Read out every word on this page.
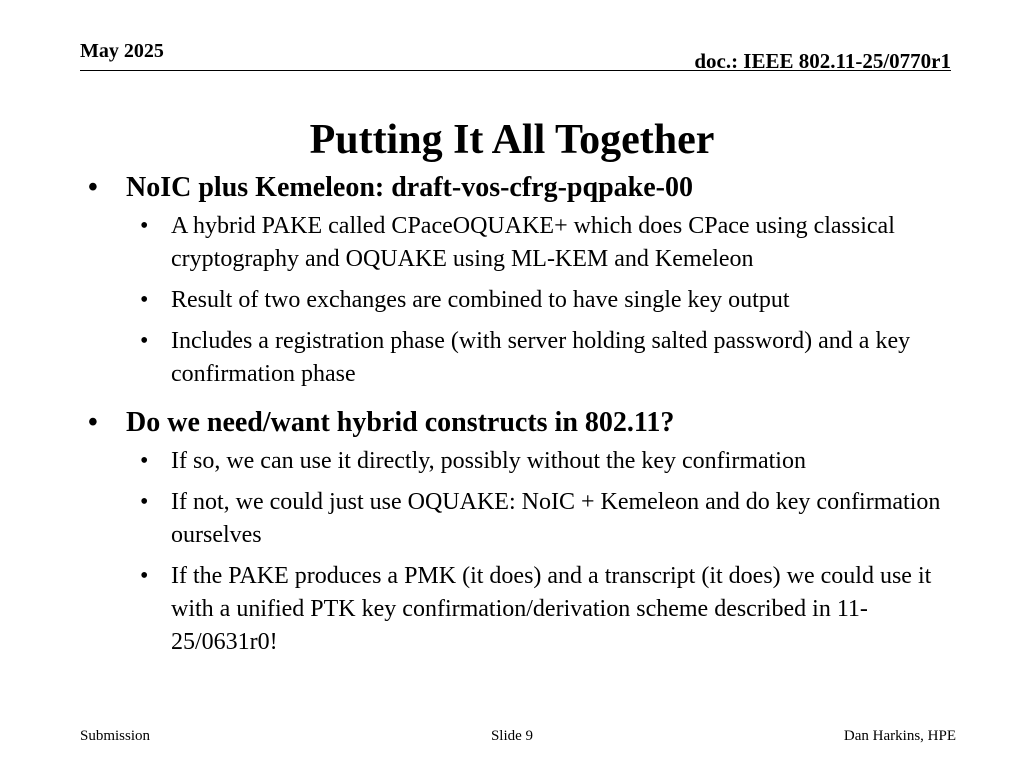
May 2025	doc.: IEEE 802.11-25/0770r1
Putting It All Together
• NoIC plus Kemeleon: draft-vos-cfrg-pqpake-00
• A hybrid PAKE called CPaceOQUAKE+ which does CPace using classical cryptography and OQUAKE using ML-KEM and Kemeleon
• Result of two exchanges are combined to have single key output
• Includes a registration phase (with server holding salted password) and a key confirmation phase
• Do we need/want hybrid constructs in 802.11?
• If so, we can use it directly, possibly without the key confirmation
• If not, we could just use OQUAKE: NoIC + Kemeleon and do key confirmation ourselves
• If the PAKE produces a PMK (it does) and a transcript (it does) we could use it with a unified PTK key confirmation/derivation scheme described in 11-25/0631r0!
Submission	Slide 9	Dan Harkins, HPE
